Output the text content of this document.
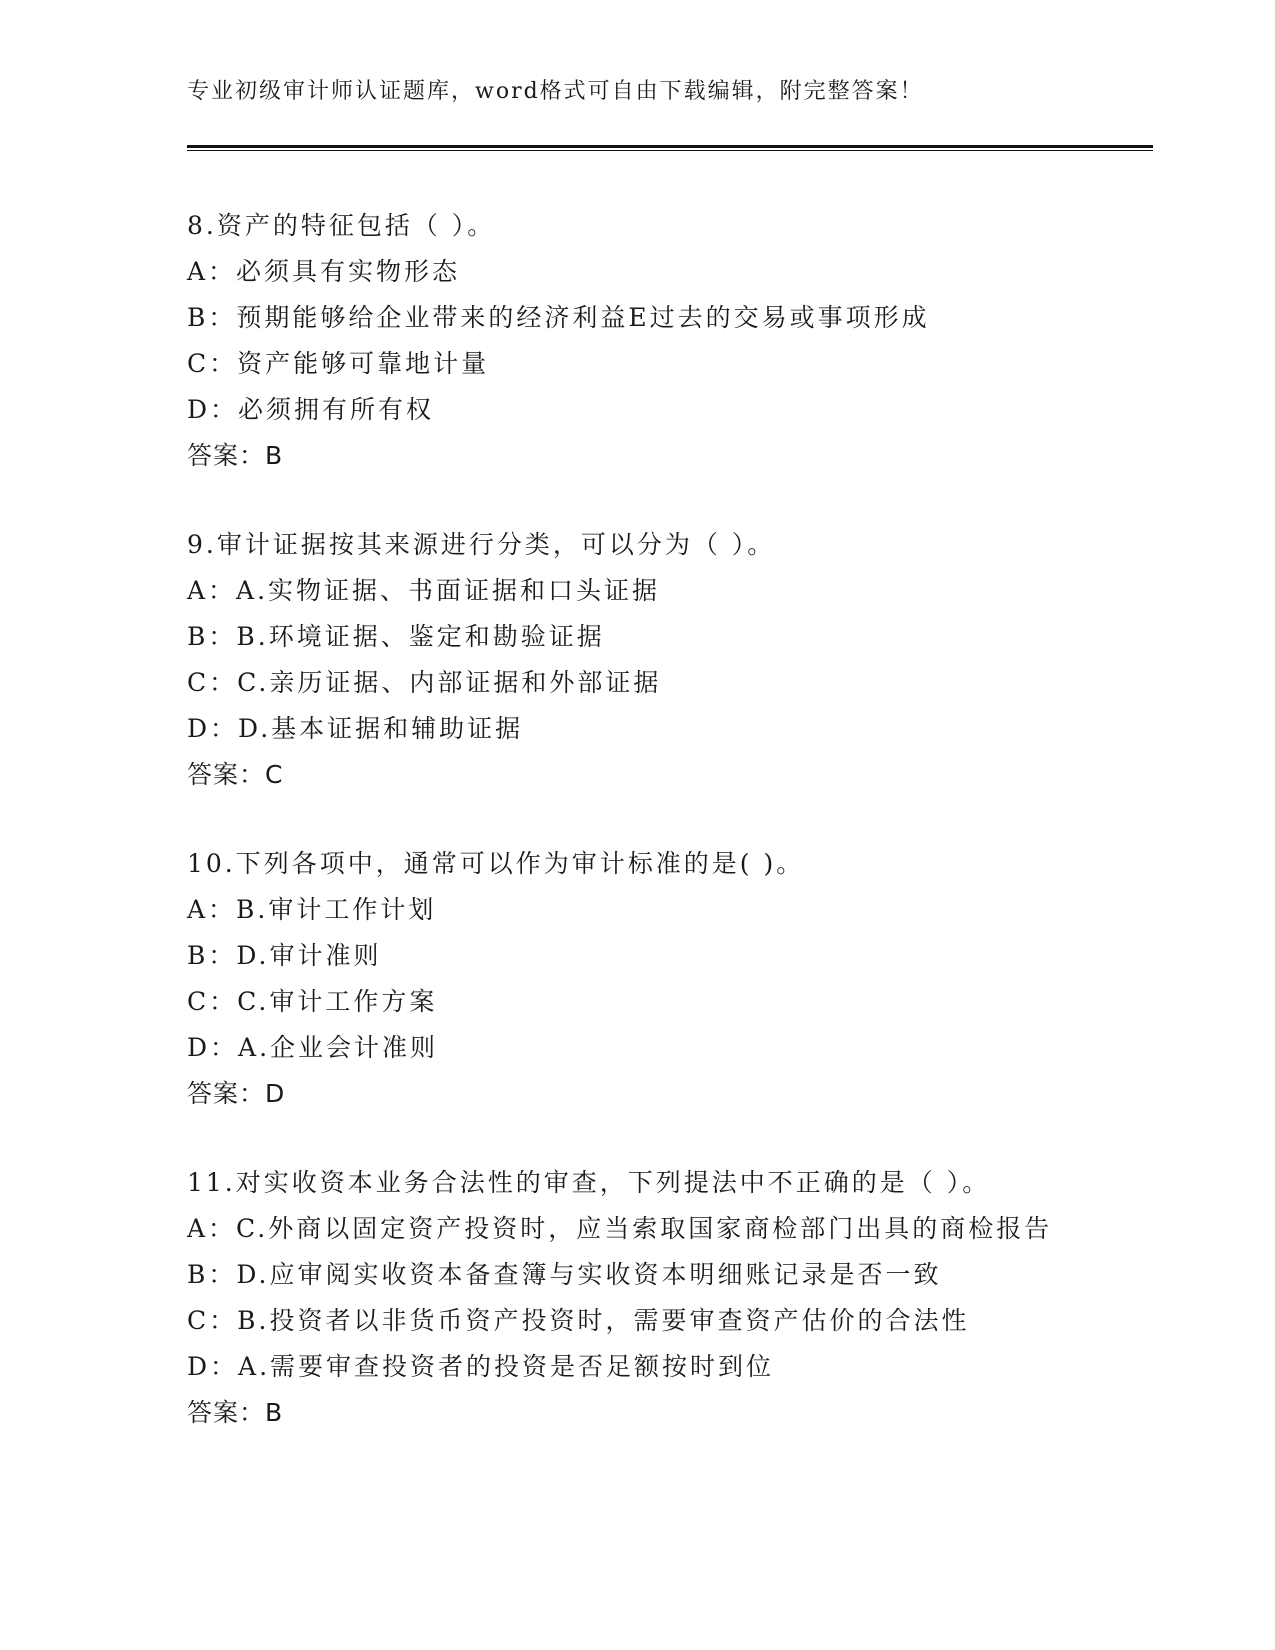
专业初级审计师认证题库，word格式可自由下载编辑，附完整答案！
8.资产的特征包括（ ）。
A：必须具有实物形态
B：预期能够给企业带来的经济利益E过去的交易或事项形成
C：资产能够可靠地计量
D：必须拥有所有权
答案：B
9.审计证据按其来源进行分类，可以分为（ ）。
A：A.实物证据、书面证据和口头证据
B：B.环境证据、鉴定和勘验证据
C：C.亲历证据、内部证据和外部证据
D：D.基本证据和辅助证据
答案：C
10.下列各项中，通常可以作为审计标准的是( )。
A：B.审计工作计划
B：D.审计准则
C：C.审计工作方案
D：A.企业会计准则
答案：D
11.对实收资本业务合法性的审查，下列提法中不正确的是（ ）。
A：C.外商以固定资产投资时，应当索取国家商检部门出具的商检报告
B：D.应审阅实收资本备查簿与实收资本明细账记录是否一致
C：B.投资者以非货币资产投资时，需要审查资产估价的合法性
D：A.需要审查投资者的投资是否足额按时到位
答案：B
